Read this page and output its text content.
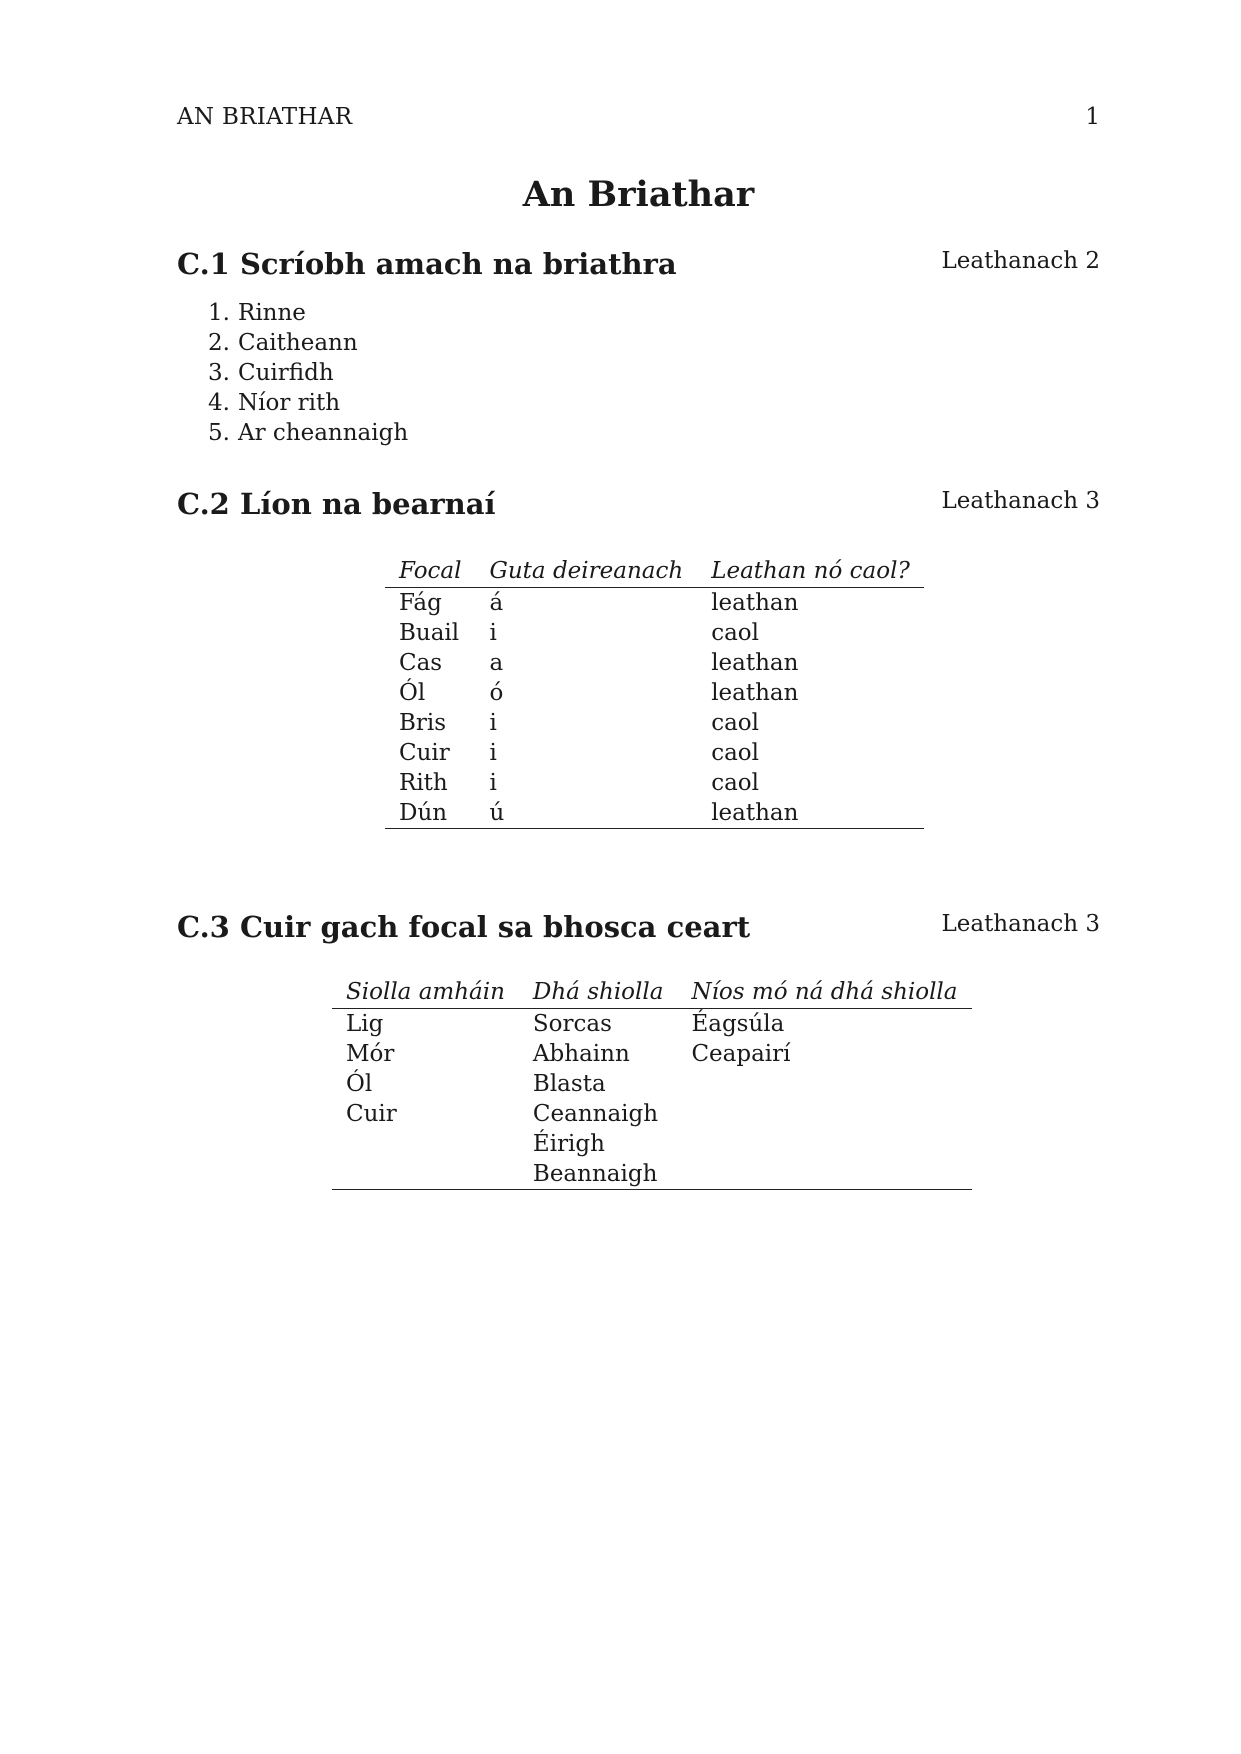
AN BRIATHAR	1
An Briathar
C.1 Scríobh amach na briathra	Leathanach 2
1. Rinne
2. Caitheann
3. Cuirfidh
4. Níor rith
5. Ar cheannaigh
C.2 Líon na bearnaí	Leathanach 3
Focal	Guta deireanach	Leathan nó caol?
Fág	á	leathan
Buail	i	caol
Cas	a	leathan
Ól	ó	leathan
Bris	i	caol
Cuir	i	caol
Rith	i	caol
Dún	ú	leathan
C.3 Cuir gach focal sa bhosca ceart	Leathanach 3
Siolla amháin	Dhá shiolla	Níos mó ná dhá shiolla
Lig	Sorcas	Éagsúla
Mór	Abhainn	Ceapairí
Ól	Blasta	
Cuir	Ceannaigh	
	Éirigh	
	Beannaigh	
